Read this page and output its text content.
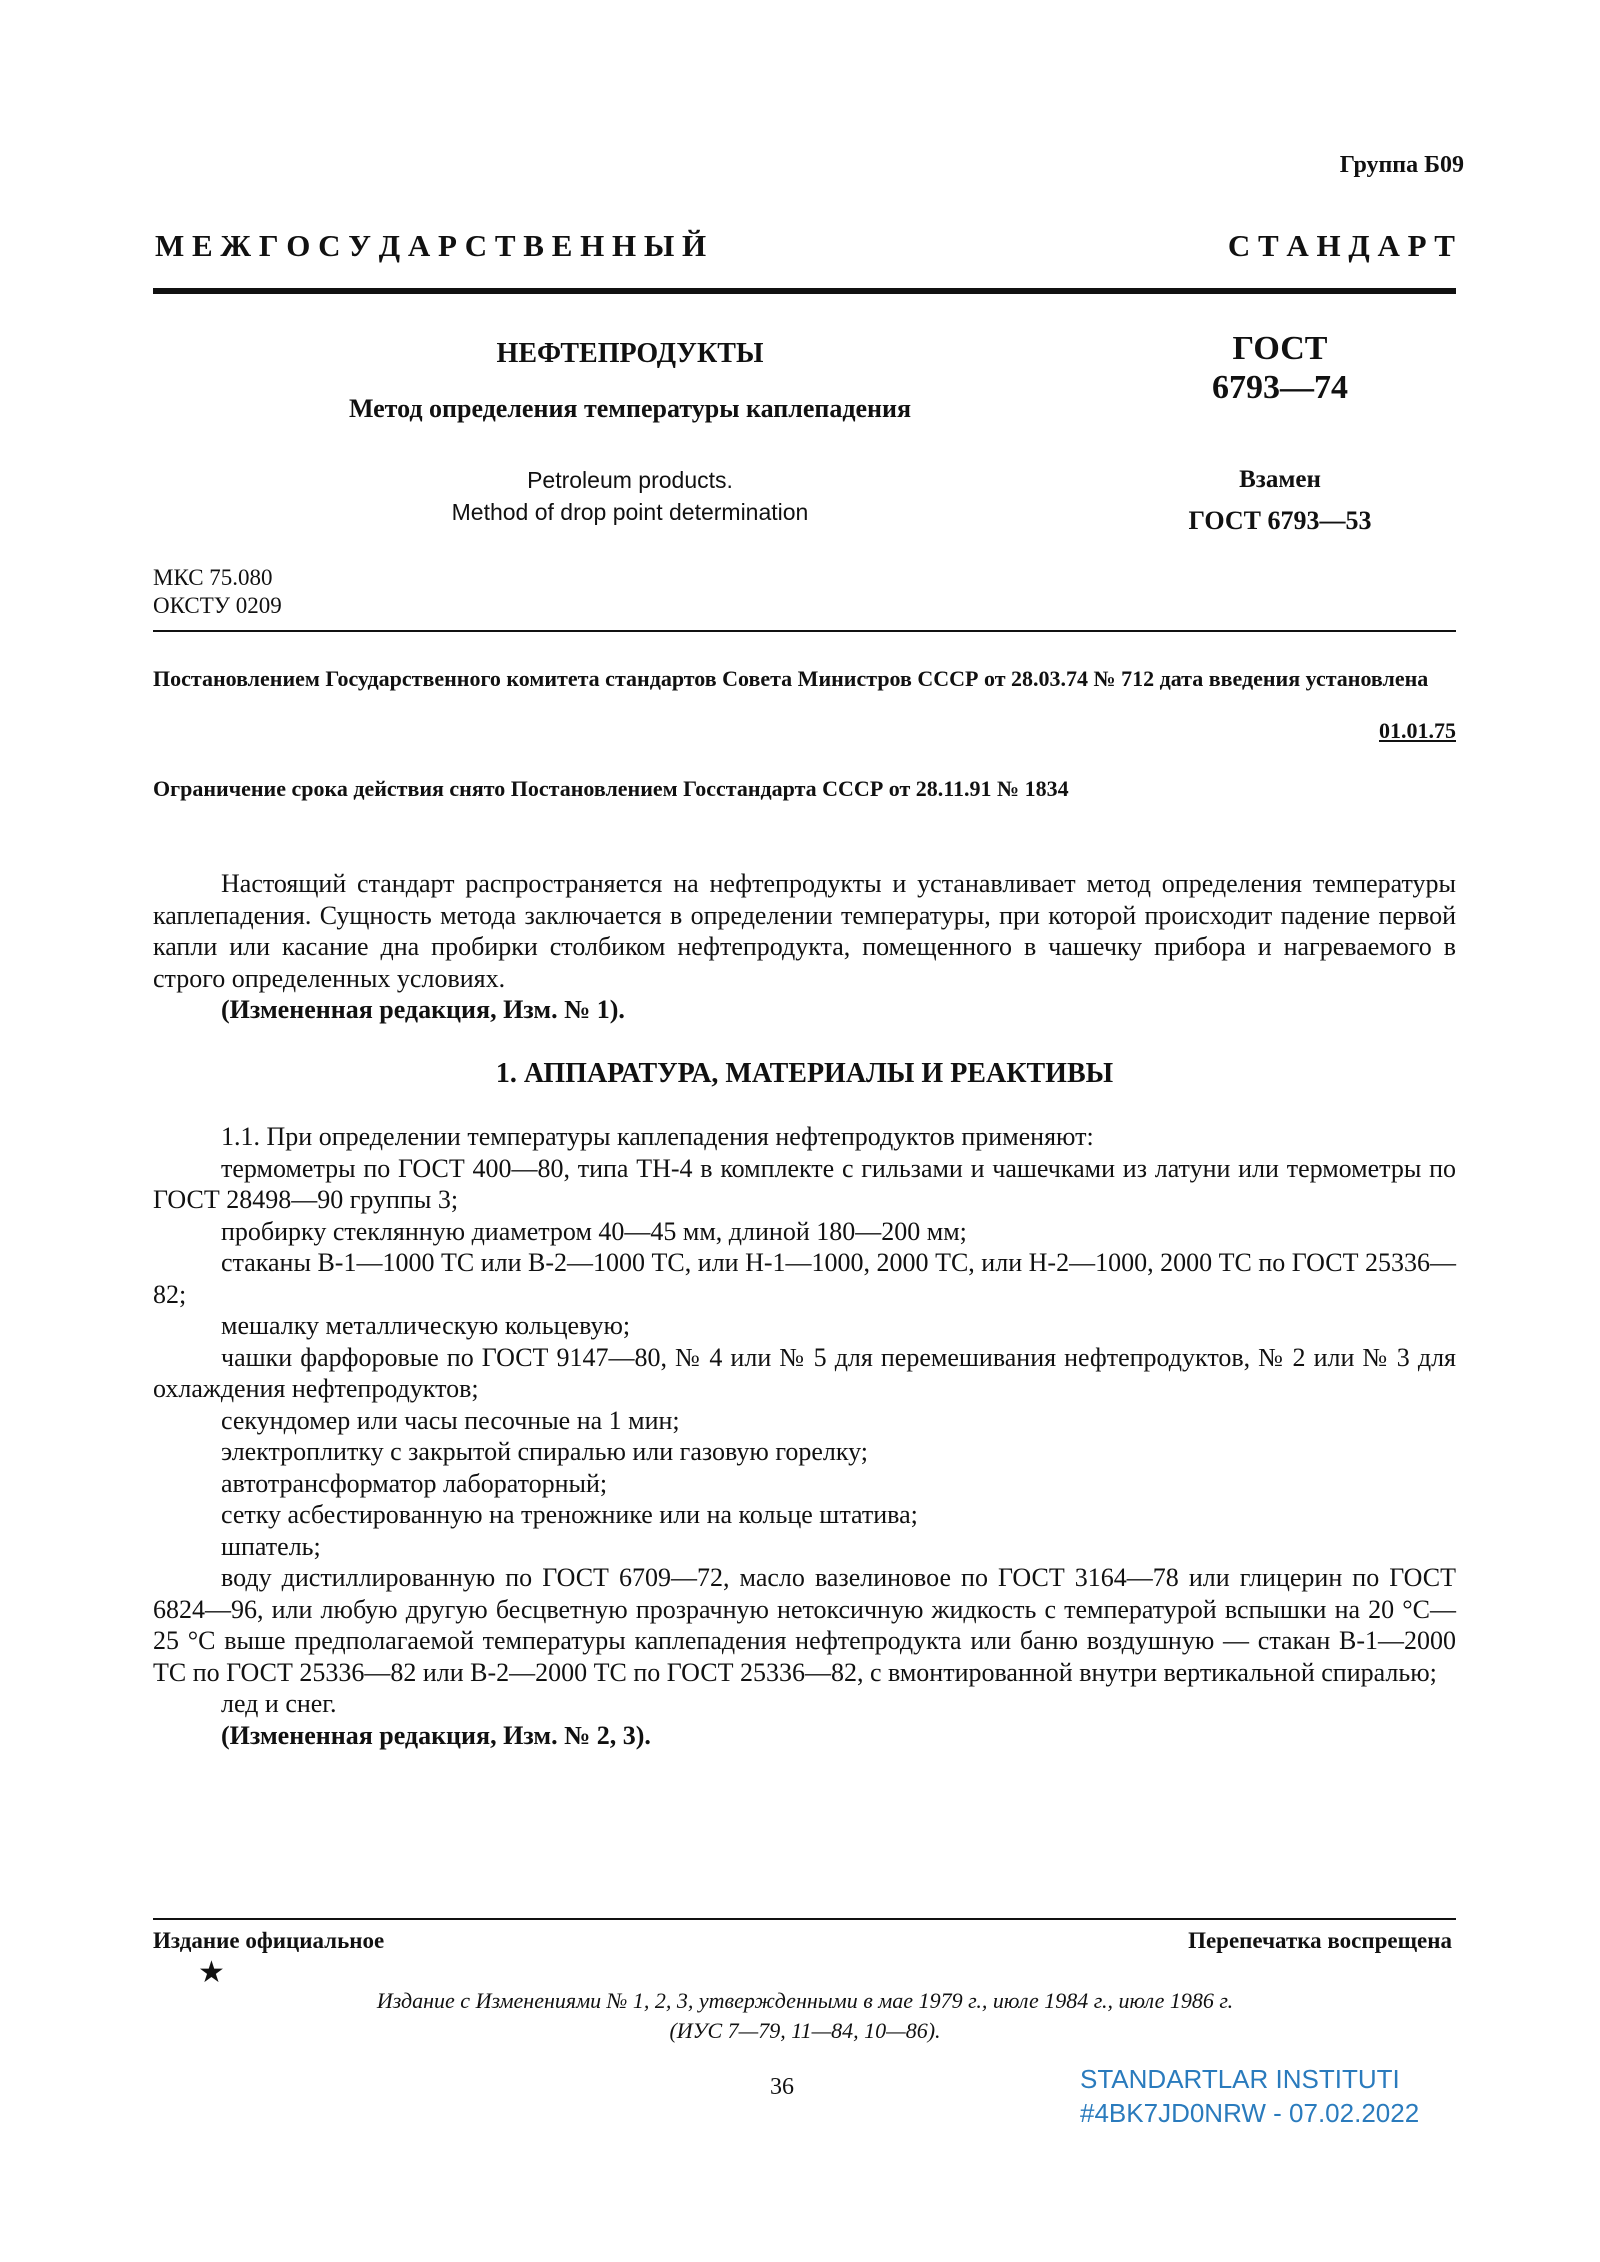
Группа Б09
М Е Ж Г О С У Д А Р С Т В Е Н Н Ы Й	С Т А Н Д А Р Т
НЕФТЕПРОДУКТЫ
Метод определения температуры каплепадения
Petroleum products.
Method of drop point determination
ГОСТ
6793—74
Взамен
ГОСТ 6793—53
МКС 75.080
ОКСТУ 0209
Постановлением Государственного комитета стандартов Совета Министров СССР от 28.03.74 № 712 дата введения установлена
01.01.75
Ограничение срока действия снято Постановлением Госстандарта СССР от 28.11.91 № 1834

Настоящий стандарт распространяется на нефтепродукты и устанавливает метод определения температуры каплепадения. Сущность метода заключается в определении температуры, при которой происходит падение первой капли или касание дна пробирки столбиком нефтепродукта, помещенного в чашечку прибора и нагреваемого в строго определенных условиях.

(Измененная редакция, Изм. № 1).

1. АППАРАТУРА, МАТЕРИАЛЫ И РЕАКТИВЫ

1.1. При определении температуры каплепадения нефтепродуктов применяют:

термометры по ГОСТ 400—80, типа ТН-4 в комплекте с гильзами и чашечками из латуни или термометры по ГОСТ 28498—90 группы 3;

пробирку стеклянную диаметром 40—45 мм, длиной 180—200 мм;

стаканы В-1—1000 ТС или В-2—1000 ТС, или Н-1—1000, 2000 ТС, или Н-2—1000, 2000 ТС по ГОСТ 25336—82;

мешалку металлическую кольцевую;

чашки фарфоровые по ГОСТ 9147—80, № 4 или № 5 для перемешивания нефтепродуктов, № 2 или № 3 для охлаждения нефтепродуктов;

секундомер или часы песочные на 1 мин;

электроплитку с закрытой спиралью или газовую горелку;

автотрансформатор лабораторный;

сетку асбестированную на треножнике или на кольце штатива;

шпатель;

воду дистиллированную по ГОСТ 6709—72, масло вазелиновое по ГОСТ 3164—78 или глицерин по ГОСТ 6824—96, или любую другую бесцветную прозрачную нетоксичную жидкость с температурой вспышки на 20 °С—25 °С выше предполагаемой температуры каплепадения нефтепродукта или баню воздушную — стакан В-1—2000 ТС по ГОСТ 25336—82 или В-2—2000 ТС по ГОСТ 25336—82, с вмонтированной внутри вертикальной спиралью;

лед и снег.

(Измененная редакция, Изм. № 2, 3).

Издание официальное	Перепечатка воспрещена
★
Издание с Изменениями № 1, 2, 3, утвержденными в мае 1979 г., июле 1984 г., июле 1986 г.
(ИУС 7—79, 11—84, 10—86).
36	STANDARTLAR INSTITUTI
#4BK7JD0NRW - 07.02.2022
